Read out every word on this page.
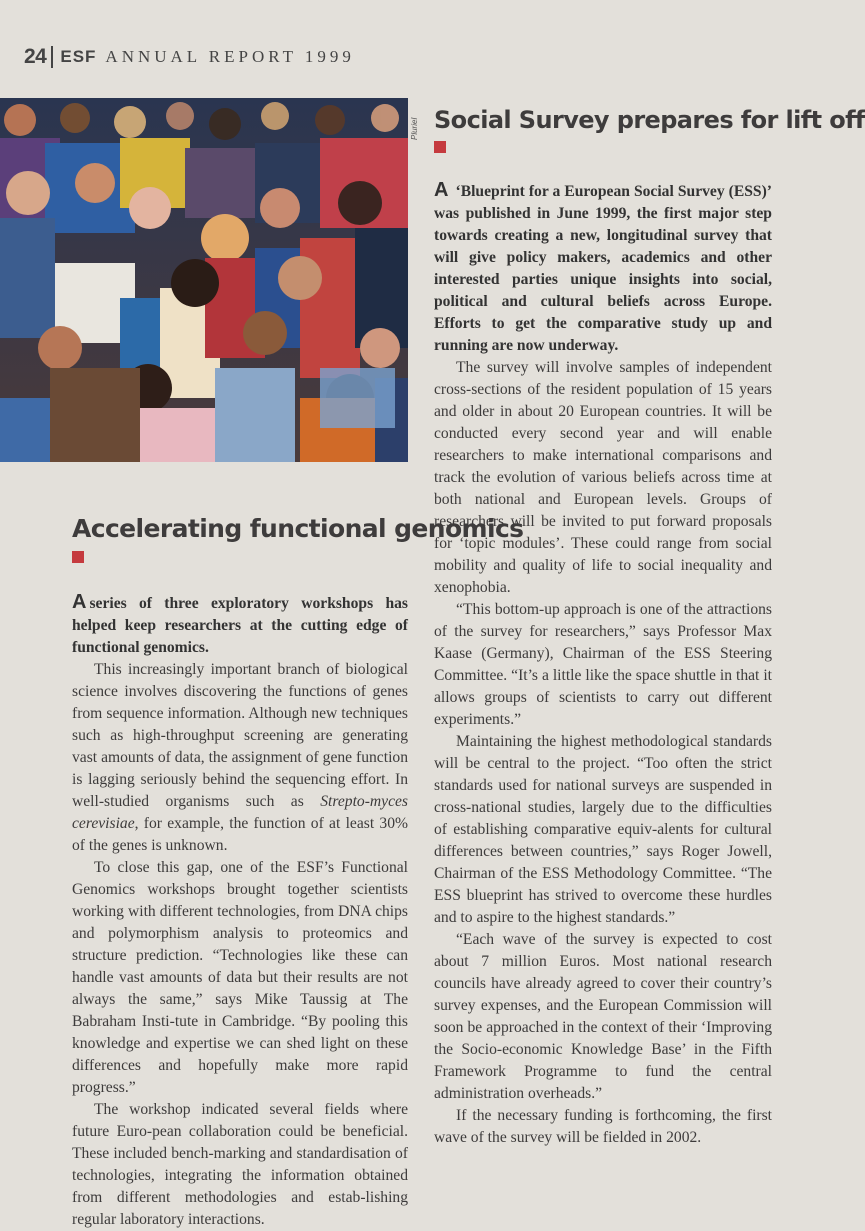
24 ESF ANNUAL REPORT 1999
Pluriel
Accelerating functional genomics

A series of three exploratory workshops has helped keep researchers at the cutting edge of functional genomics.

This increasingly important branch of biological science involves discovering the functions of genes from sequence information. Although new techniques such as high-throughput screening are generating vast amounts of data, the assignment of gene function is lagging seriously behind the sequencing effort. In well-studied organisms such as Strepto-myces cerevisiae, for example, the function of at least 30% of the genes is unknown.

To close this gap, one of the ESF’s Functional Genomics workshops brought together scientists working with different technologies, from DNA chips and polymorphism analysis to proteomics and structure prediction. “Technologies like these can handle vast amounts of data but their results are not always the same,” says Mike Taussig at The Babraham Insti-tute in Cambridge. “By pooling this knowledge and expertise we can shed light on these differences and hopefully make more rapid progress.”

The workshop indicated several fields where future Euro-pean collaboration could be beneficial. These included bench-marking and standardisation of technologies, integrating the information obtained from different methodologies and estab-lishing regular laboratory interactions.

Social Survey prepares for lift off

A ‘Blueprint for a European Social Survey (ESS)’ was published in June 1999, the first major step towards creating a new, longitudinal survey that will give policy makers, academics and other interested parties unique insights into social, political and cultural beliefs across Europe. Efforts to get the comparative study up and running are now underway.

The survey will involve samples of independent cross-sections of the resident population of 15 years and older in about 20 European countries. It will be conducted every second year and will enable researchers to make international comparisons and track the evolution of various beliefs across time at both national and European levels. Groups of researchers will be invited to put forward proposals for ‘topic modules’. These could range from social mobility and quality of life to social inequality and xenophobia.

“This bottom-up approach is one of the attractions of the survey for researchers,” says Professor Max Kaase (Germany), Chairman of the ESS Steering Committee. “It’s a little like the space shuttle in that it allows groups of scientists to carry out different experiments.”

Maintaining the highest methodological standards will be central to the project. “Too often the strict standards used for national surveys are suspended in cross-national studies, largely due to the difficulties of establishing comparative equiv-alents for cultural differences between countries,” says Roger Jowell, Chairman of the ESS Methodology Committee. “The ESS blueprint has strived to overcome these hurdles and to aspire to the highest standards.”

“Each wave of the survey is expected to cost about 7 million Euros. Most national research councils have already agreed to cover their country’s survey expenses, and the European Commission will soon be approached in the context of their ‘Improving the Socio-economic Knowledge Base’ in the Fifth Framework Programme to fund the central administration overheads.”

If the necessary funding is forthcoming, the first wave of the survey will be fielded in 2002.
